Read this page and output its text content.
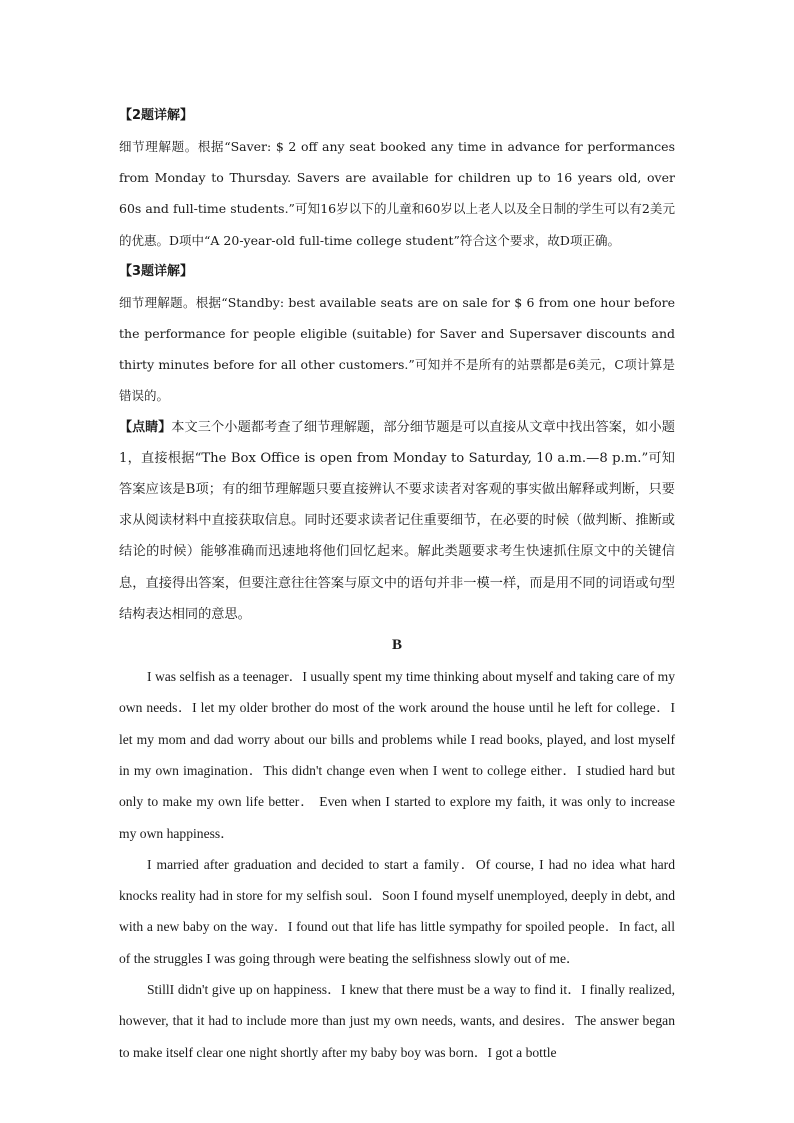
【2题详解】
细节理解题。根据“Saver: $ 2 off any seat booked any time in advance for performances from Monday to Thursday. Savers are available for children up to 16 years old, over 60s and full-time students.”可知16岁以下的儿童和60岁以上老人以及全日制的学生可以有2美元的优惠。D项中“A 20-year-old full-time college student”符合这个要求，故D项正确。
【3题详解】
细节理解题。根据“Standby: best available seats are on sale for $ 6 from one hour before the performance for people eligible (suitable) for Saver and Supersaver discounts and thirty minutes before for all other customers.”可知并不是所有的站票都是6美元，C项计算是错误的。
【点睛】本文三个小题都考查了细节理解题，部分细节题是可以直接从文章中找出答案，如小题1，直接根据“The Box Office is open from Monday to Saturday, 10 a.m.—8 p.m.”可知答案应该是B项；有的细节理解题只要直接辨认不要求读者对客观的事实做出解释或判断，只要求从阅读材料中直接获取信息。同时还要求读者记住重要细节，在必要的时候（做判断、推断或结论的时候）能够准确而迅速地将他们回忆起来。解此类题要求考生快速抓住原文中的关键信息，直接得出答案，但要注意往往答案与原文中的语句并非一模一样，而是用不同的词语或句型结构表达相同的意思。
B
I was selfish as a teenager．I usually spent my time thinking about myself and taking care of my own needs．I let my older brother do most of the work around the house until he left for college．I let my mom and dad worry about our bills and problems while I read books, played, and lost myself in my own imagination．This didn't change even when I went to college either．I studied hard but only to make my own life better． Even when I started to explore my faith, it was only to increase my own happiness．
I married after graduation and decided to start a family．Of course, I had no idea what hard knocks reality had in store for my selfish soul．Soon I found myself unemployed, deeply in debt, and with a new baby on the way．I found out that life has little sympathy for spoiled people．In fact, all of the struggles I was going through were beating the selfishness slowly out of me．
StillI didn't give up on happiness．I knew that there must be a way to find it．I finally realized, however, that it had to include more than just my own needs, wants, and desires．The answer began to make itself clear one night shortly after my baby boy was born．I got a bottle
